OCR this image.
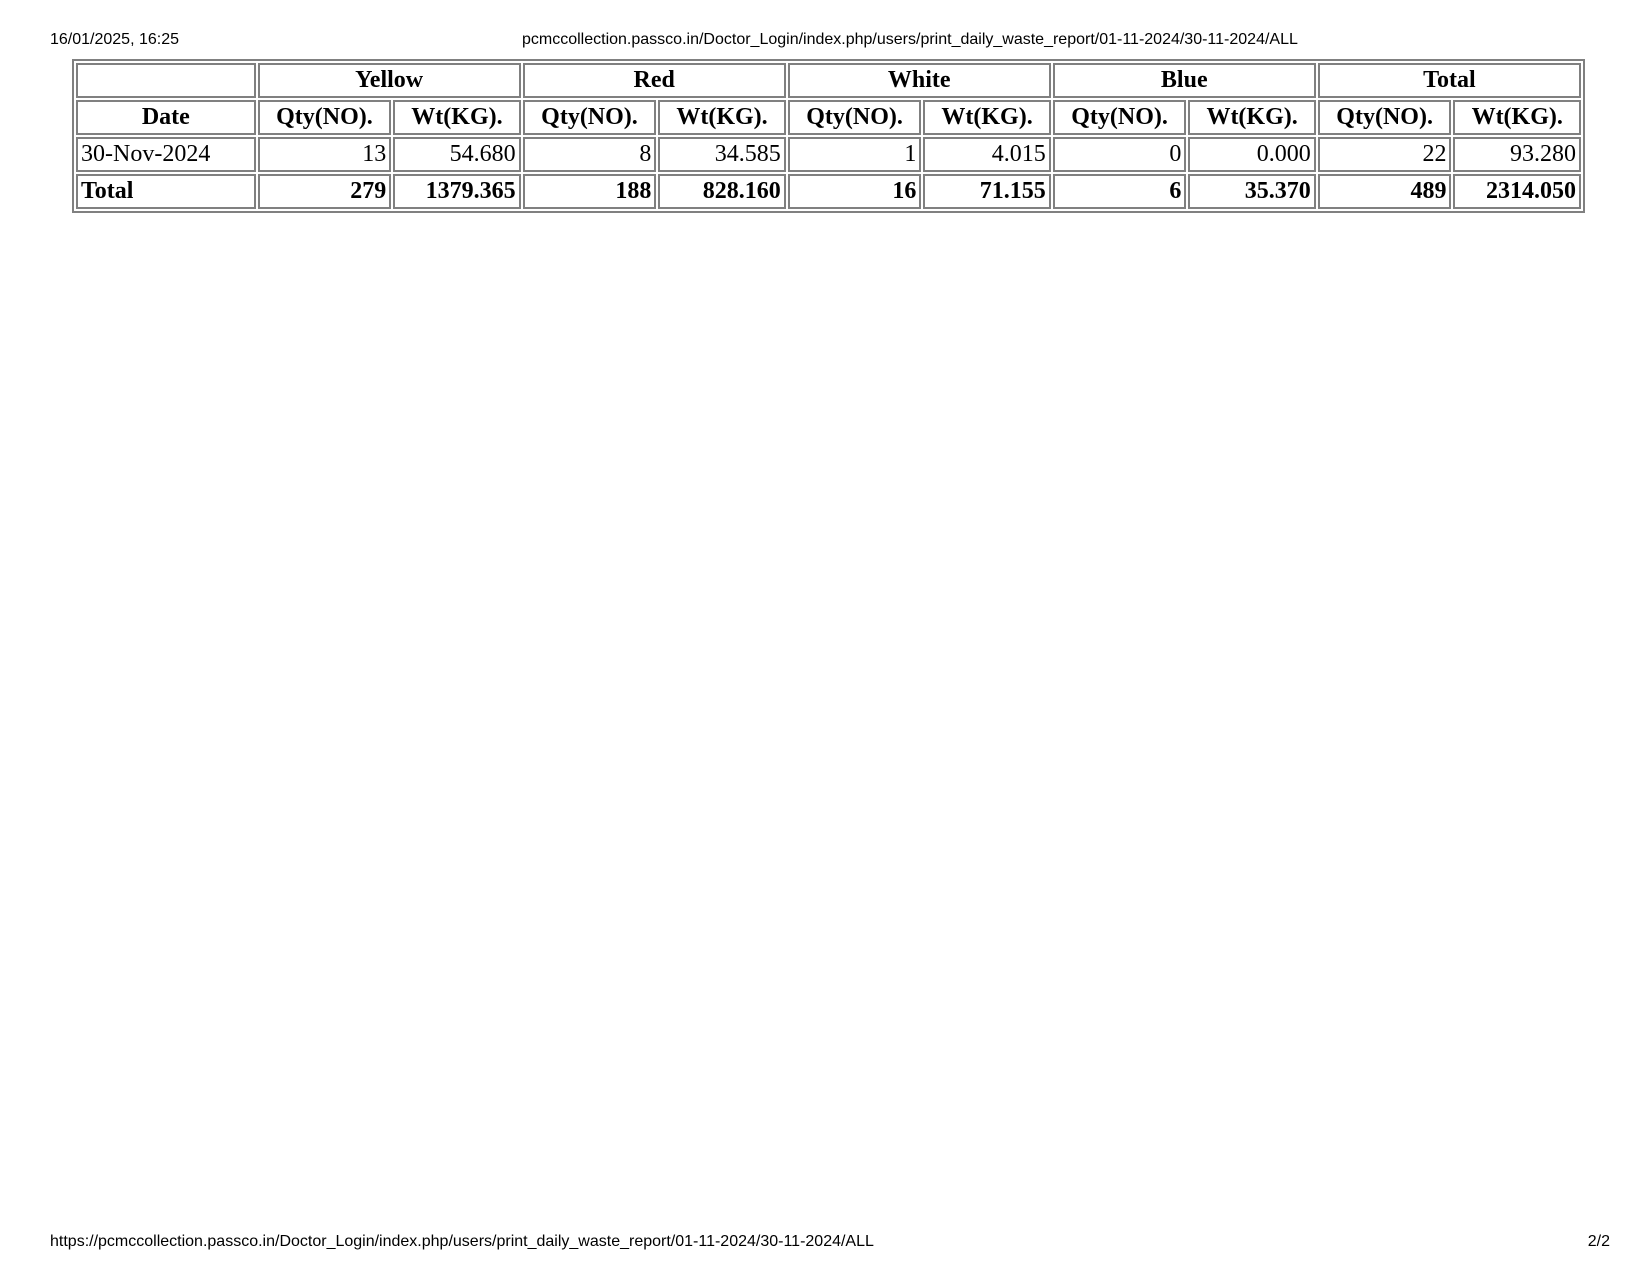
16/01/2025, 16:25	pcmccollection.passco.in/Doctor_Login/index.php/users/print_daily_waste_report/01-11-2024/30-11-2024/ALL
	Yellow		Red		White		Blue		Total	
Date	Qty(NO).	Wt(KG).	Qty(NO).	Wt(KG).	Qty(NO).	Wt(KG).	Qty(NO).	Wt(KG).	Qty(NO).	Wt(KG).
30-Nov-2024	13	54.680	8	34.585	1	4.015	0	0.000	22	93.280
Total	279	1379.365	188	828.160	16	71.155	6	35.370	489	2314.050
https://pcmccollection.passco.in/Doctor_Login/index.php/users/print_daily_waste_report/01-11-2024/30-11-2024/ALL	2/2
